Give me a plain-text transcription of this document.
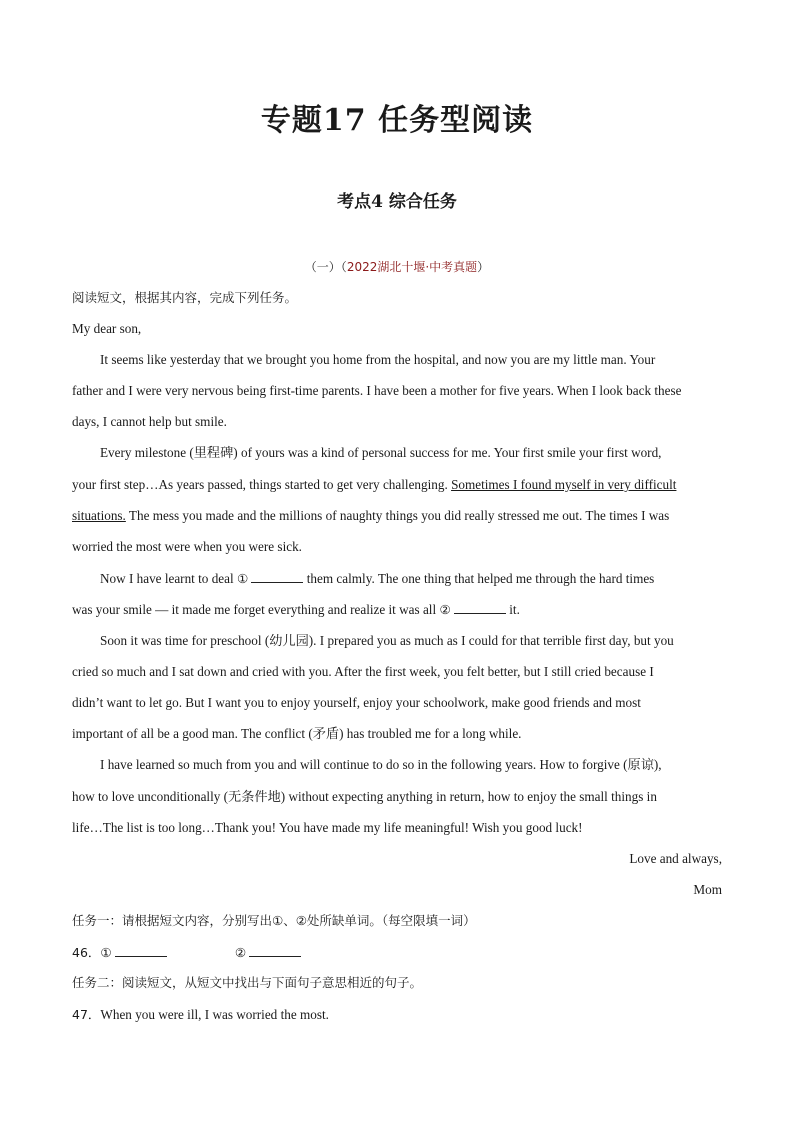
专题17 任务型阅读
考点4 综合任务
（一）（2022湖北十堰·中考真题）
阅读短文，根据其内容，完成下列任务。
My dear son,
It seems like yesterday that we brought you home from the hospital, and now you are my little man. Your
father and I were very nervous being first-time parents. I have been a mother for five years. When I look back these
days, I cannot help but smile.
Every milestone (里程碑) of yours was a kind of personal success for me. Your first smile your first word,
your first step…As years passed, things started to get very challenging. Sometimes I found myself in very difficult
situations. The mess you made and the millions of naughty things you did really stressed me out. The times I was
worried the most were when you were sick.
Now I have learnt to deal ①	them calmly. The one thing that helped me through the hard times
was your smile — it made me forget everything and realize it was all ②	it.
Soon it was time for preschool (幼儿园). I prepared you as much as I could for that terrible first day, but you
cried so much and I sat down and cried with you. After the first week, you felt better, but I still cried because I
didn’t want to let go. But I want you to enjoy yourself, enjoy your schoolwork, make good friends and most
important of all be a good man. The conflict (矛盾) has troubled me for a long while.
I have learned so much from you and will continue to do so in the following years. How to forgive (原谅),
how to love unconditionally (无条件地) without expecting anything in return, how to enjoy the small things in
life…The list is too long…Thank you! You have made my life meaningful! Wish you good luck!
Love and always,
Mom
任务一：请根据短文内容，分别写出①、②处所缺单词。（每空限填一词）
46．①	②
任务二：阅读短文，从短文中找出与下面句子意思相近的句子。
47．When you were ill, I was worried the most.
